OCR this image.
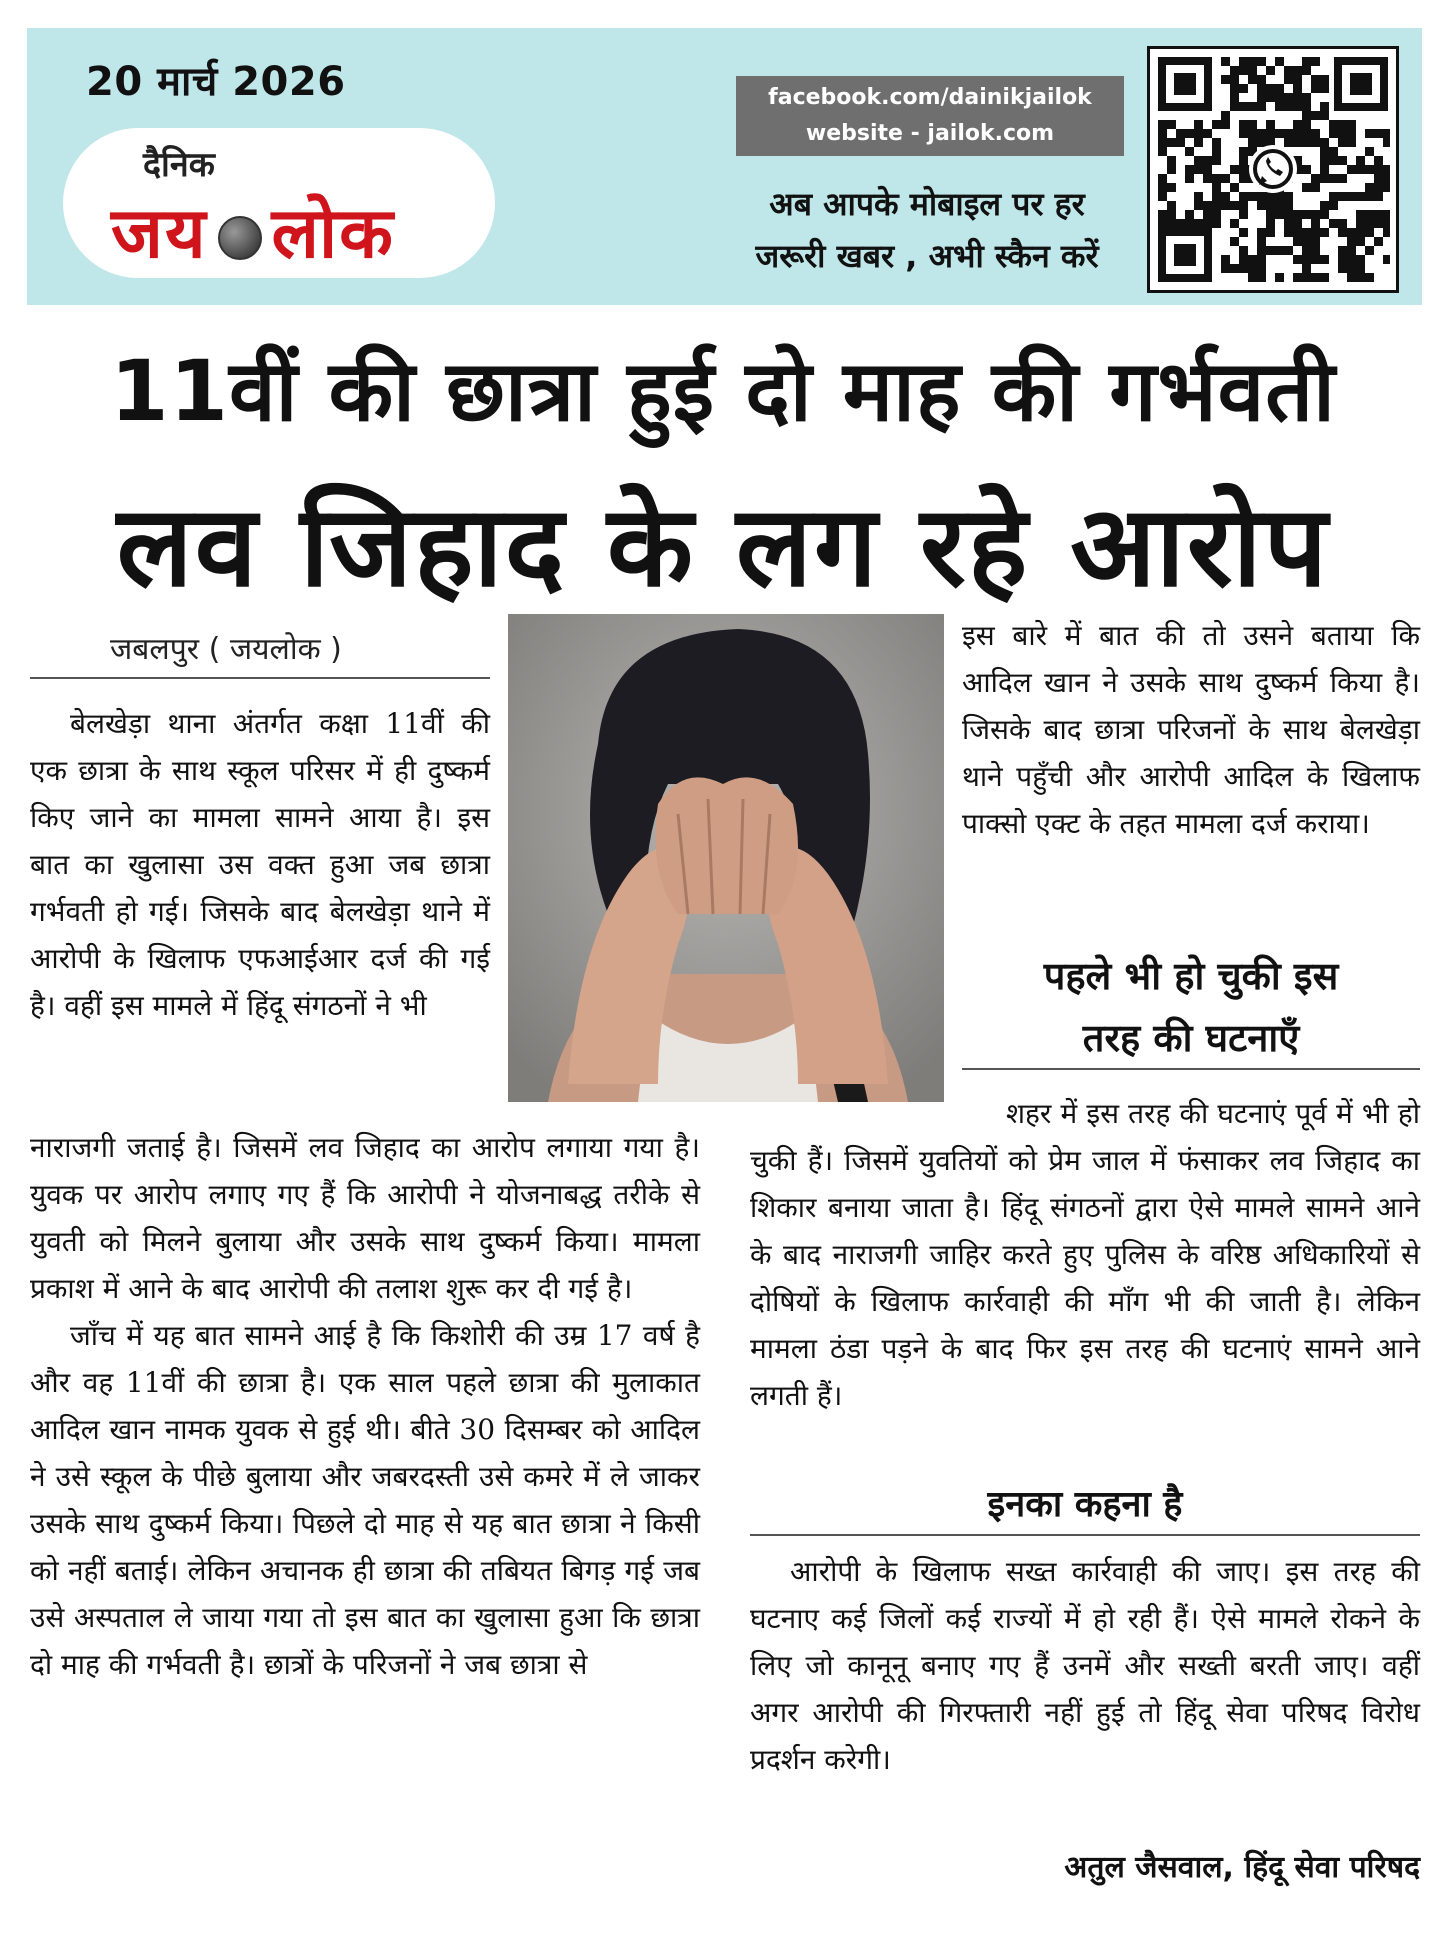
20 मार्च 2026
दैनिक
जय लोक
facebook.com/dainikjailok
website - jailok.com
अब आपके मोबाइल पर हर
जरूरी खबर , अभी स्कैन करें
11वीं की छात्रा हुई दो माह की गर्भवती
लव जिहाद के लग रहे आरोप
जबलपुर ( जयलोक )

बेलखेड़ा थाना अंतर्गत कक्षा 11वीं की एक छात्रा के साथ स्कूल परिसर में ही दुष्कर्म किए जाने का मामला सामने आया है। इस बात का खुलासा उस वक्त हुआ जब छात्रा गर्भवती हो गई। जिसके बाद बेलखेड़ा थाने में आरोपी के खिलाफ एफआईआर दर्ज की गई है। वहीं इस मामले में हिंदू संगठनों ने भी

नाराजगी जताई है। जिसमें लव जिहाद का आरोप लगाया गया है। युवक पर आरोप लगाए गए हैं कि आरोपी ने योजनाबद्ध तरीके से युवती को मिलने बुलाया और उसके साथ दुष्कर्म किया। मामला प्रकाश में आने के बाद आरोपी की तलाश शुरू कर दी गई है।

जाँच में यह बात सामने आई है कि किशोरी की उम्र 17 वर्ष है और वह 11वीं की छात्रा है। एक साल पहले छात्रा की मुलाकात आदिल खान नामक युवक से हुई थी। बीते 30 दिसम्बर को आदिल ने उसे स्कूल के पीछे बुलाया और जबरदस्ती उसे कमरे में ले जाकर उसके साथ दुष्कर्म किया। पिछले दो माह से यह बात छात्रा ने किसी को नहीं बताई। लेकिन अचानक ही छात्रा की तबियत बिगड़ गई जब उसे अस्पताल ले जाया गया तो इस बात का खुलासा हुआ कि छात्रा दो माह की गर्भवती है। छात्रों के परिजनों ने जब छात्रा से

इस बारे में बात की तो उसने बताया कि आदिल खान ने उसके साथ दुष्कर्म किया है। जिसके बाद छात्रा परिजनों के साथ बेलखेड़ा थाने पहुँची और आरोपी आदिल के खिलाफ पाक्सो एक्ट के तहत मामला दर्ज कराया।

पहले भी हो चुकी इस
तरह की घटनाएँ

शहर में इस तरह की घटनाएं पूर्व में भी हो चुकी हैं। जिसमें युवतियों को प्रेम जाल में फंसाकर लव जिहाद का शिकार बनाया जाता है। हिंदू संगठनों द्वारा ऐसे मामले सामने आने के बाद नाराजगी जाहिर करते हुए पुलिस के वरिष्ठ अधिकारियों से दोषियों के खिलाफ कार्रवाही की माँग भी की जाती है। लेकिन मामला ठंडा पड़ने के बाद फिर इस तरह की घटनाएं सामने आने लगती हैं।

इनका कहना है

आरोपी के खिलाफ सख्त कार्रवाही की जाए। इस तरह की घटनाए कई जिलों कई राज्यों में हो रही हैं। ऐसे मामले रोकने के लिए जो कानूनू बनाए गए हैं उनमें और सख्ती बरती जाए। वहीं अगर आरोपी की गिरफ्तारी नहीं हुई तो हिंदू सेवा परिषद विरोध प्रदर्शन करेगी।

अतुल जैसवाल, हिंदू सेवा परिषद
